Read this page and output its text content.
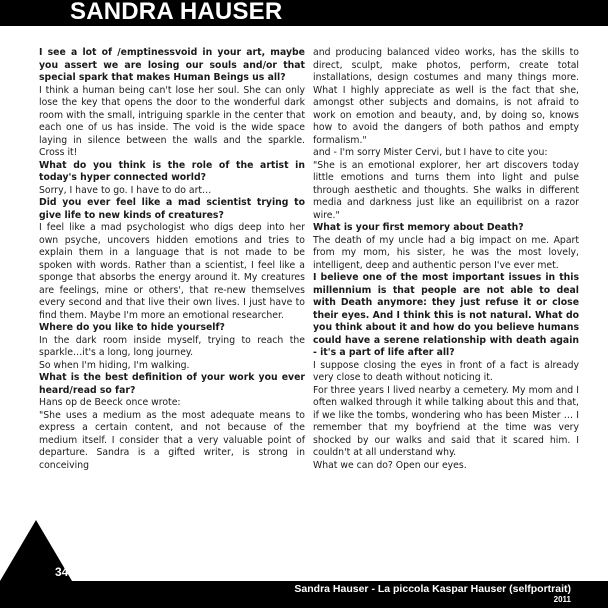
SANDRA HAUSER

I see a lot of /emptinessvoid in your art, maybe you assert we are losing our souls and/or that special spark that makes Human Beings us all?

I think a human being can't lose her soul. She can only lose the key that opens the door to the wonderful dark room with the small, intriguing sparkle in the center that each one of us has inside. The void is the wide space laying in silence between the walls and the sparkle. Cross it!

What do you think is the role of the artist in today's hyper connected world?

Sorry, I have to go. I have to do art…

Did you ever feel like a mad scientist trying to give life to new kinds of creatures?

I feel like a mad psychologist who digs deep into her own psyche, uncovers hidden emotions and tries to explain them in a language that is not made to be spoken with words. Rather than a scientist, I feel like a sponge that absorbs the energy around it. My creatures are feelings, mine or others', that re-new themselves every second and that live their own lives. I just have to find them. Maybe I'm more an emotional researcher.

Where do you like to hide yourself?

In the dark room inside myself, trying to reach the sparkle…it's a long, long journey.

So when I'm hiding, I'm walking.

What is the best definition of your work you ever heard/read so far?

Hans op de Beeck once wrote:

"She uses a medium as the most adequate means to express a certain content, and not because of the medium itself. I consider that a very valuable point of departure. Sandra is a gifted writer, is strong in conceiving

and producing balanced video works, has the skills to direct, sculpt, make photos, perform, create total installations, design costumes and many things more. What I highly appreciate as well is the fact that she, amongst other subjects and domains, is not afraid to work on emotion and beauty, and, by doing so, knows how to avoid the dangers of both pathos and empty formalism."

and - I'm sorry Mister Cervi, but I have to cite you:

"She is an emotional explorer, her art discovers today little emotions and turns them into light and pulse through aesthetic and thoughts. She walks in different media and darkness just like an equilibrist on a razor wire."

What is your first memory about Death?

The death of my uncle had a big impact on me. Apart from my mom, his sister, he was the most lovely, intelligent, deep and authentic person I've ever met.

I believe one of the most important issues in this millennium is that people are not able to deal with Death anymore: they just refuse it or close their eyes. And I think this is not natural. What do you think about it and how do you believe humans could have a serene relationship with death again - it's a part of life after all?

I suppose closing the eyes in front of a fact is already very close to death without noticing it.

For three years I lived nearby a cemetery. My mom and I often walked through it while talking about this and that, if we like the tombs, wondering who has been Mister … I remember that my boyfriend at the time was very shocked by our walks and said that it scared him. I couldn't at all understand why.

What we can do? Open our eyes.

34
Sandra Hauser - La piccola Kaspar Hauser (selfportrait)
2011
